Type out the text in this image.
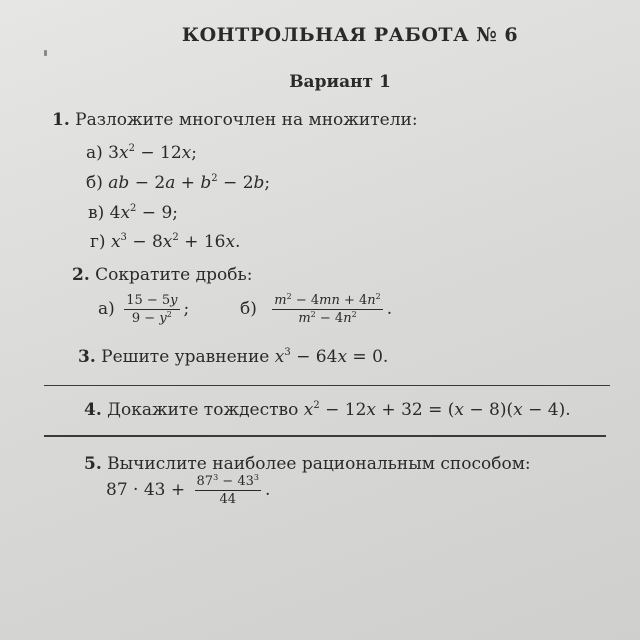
КОНТРОЛЬНАЯ РАБОТА № 6
Вариант 1
1. Разложите многочлен на множители:
а) $3x^2 - 12x$;
б) ab − $2a + b^2 - 2b$;
в) $4x^2 - 9$;
г) $x^3 - 8x^2 + 16x$.
2. Сократите дробь:
$а) \frac{15 - 5y}{9 - y^2}$ ;	$б) \frac{m^2 - 4mn + 4n^2}{m^2 - 4n^2}$ .
3. Решите уравнение $x^3 - 64x = 0$.
4. Докажите тождество $x^2 - 12x + 32 = (x - 8)(x - 4)$.
5. Вычислите наиболее рациональным способом:
$87 \cdot 43 + \frac{87^3 - 43^3}{44}$ .
